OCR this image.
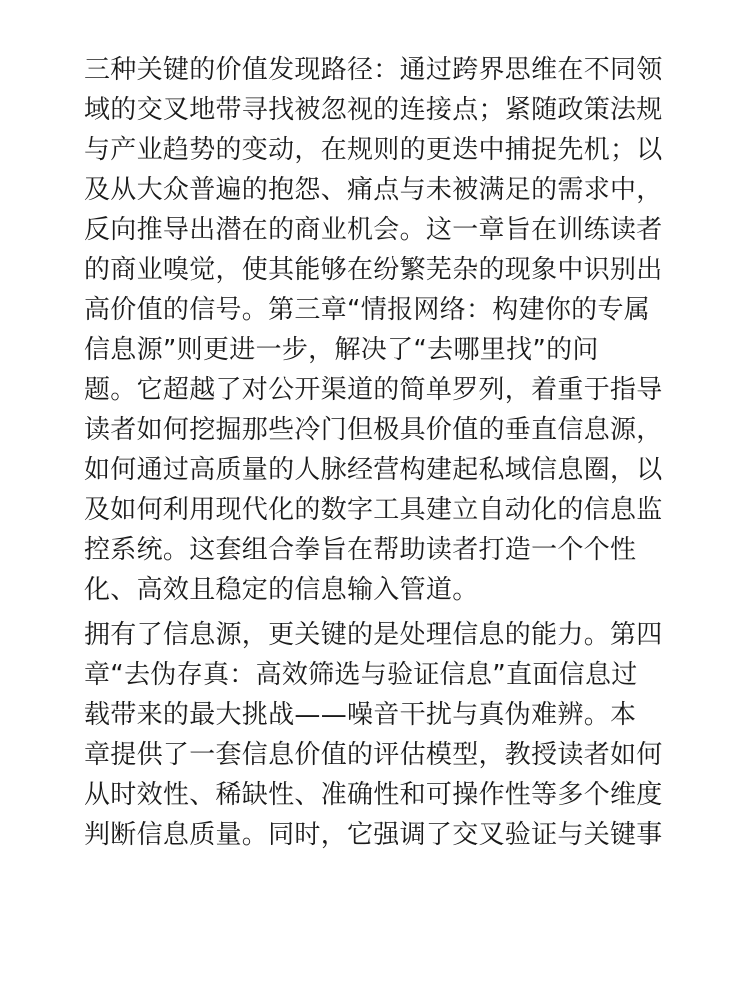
三种关键的价值发现路径：通过跨界思维在不同领
域的交叉地带寻找被忽视的连接点；紧随政策法规
与产业趋势的变动，在规则的更迭中捕捉先机；以
及从大众普遍的抱怨、痛点与未被满足的需求中，
反向推导出潜在的商业机会。这一章旨在训练读者
的商业嗅觉，使其能够在纷繁芜杂的现象中识别出
高价值的信号。第三章“情报网络：构建你的专属
信息源”则更进一步，解决了“去哪里找”的问
题。它超越了对公开渠道的简单罗列，着重于指导
读者如何挖掘那些冷门但极具价值的垂直信息源，
如何通过高质量的人脉经营构建起私域信息圈，以
及如何利用现代化的数字工具建立自动化的信息监
控系统。这套组合拳旨在帮助读者打造一个个性
化、高效且稳定的信息输入管道。
拥有了信息源，更关键的是处理信息的能力。第四
章“去伪存真：高效筛选与验证信息”直面信息过
载带来的最大挑战——噪音干扰与真伪难辨。本
章提供了一套信息价值的评估模型，教授读者如何
从时效性、稀缺性、准确性和可操作性等多个维度
判断信息质量。同时，它强调了交叉验证与关键事
